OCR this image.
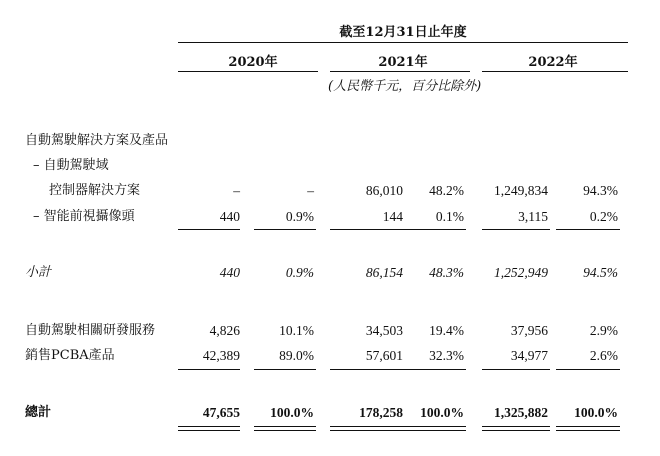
截至12月31日止年度
2020年	2021年	2022年
(人民幣千元，百分比除外)
自動駕駛解決方案及產品
– 自動駕駛域
控制器解決方案	–	–	86,010 48.2% 1,249,834	94.3%
– 智能前視攝像頭	440	0.9%	144 0.1%	3,115	0.2%
小計	440	0.9%	86,154 48.3% 1,252,949	94.5%
自動駕駛相關研發服務	4,826	10.1%	34,503 19.4%	37,956	2.9%
銷售PCBA產品	42,389	89.0%	57,601 32.3%	34,977	2.6%
總計	47,655 100.0%	178,258 100.0% 1,325,882 100.0%
